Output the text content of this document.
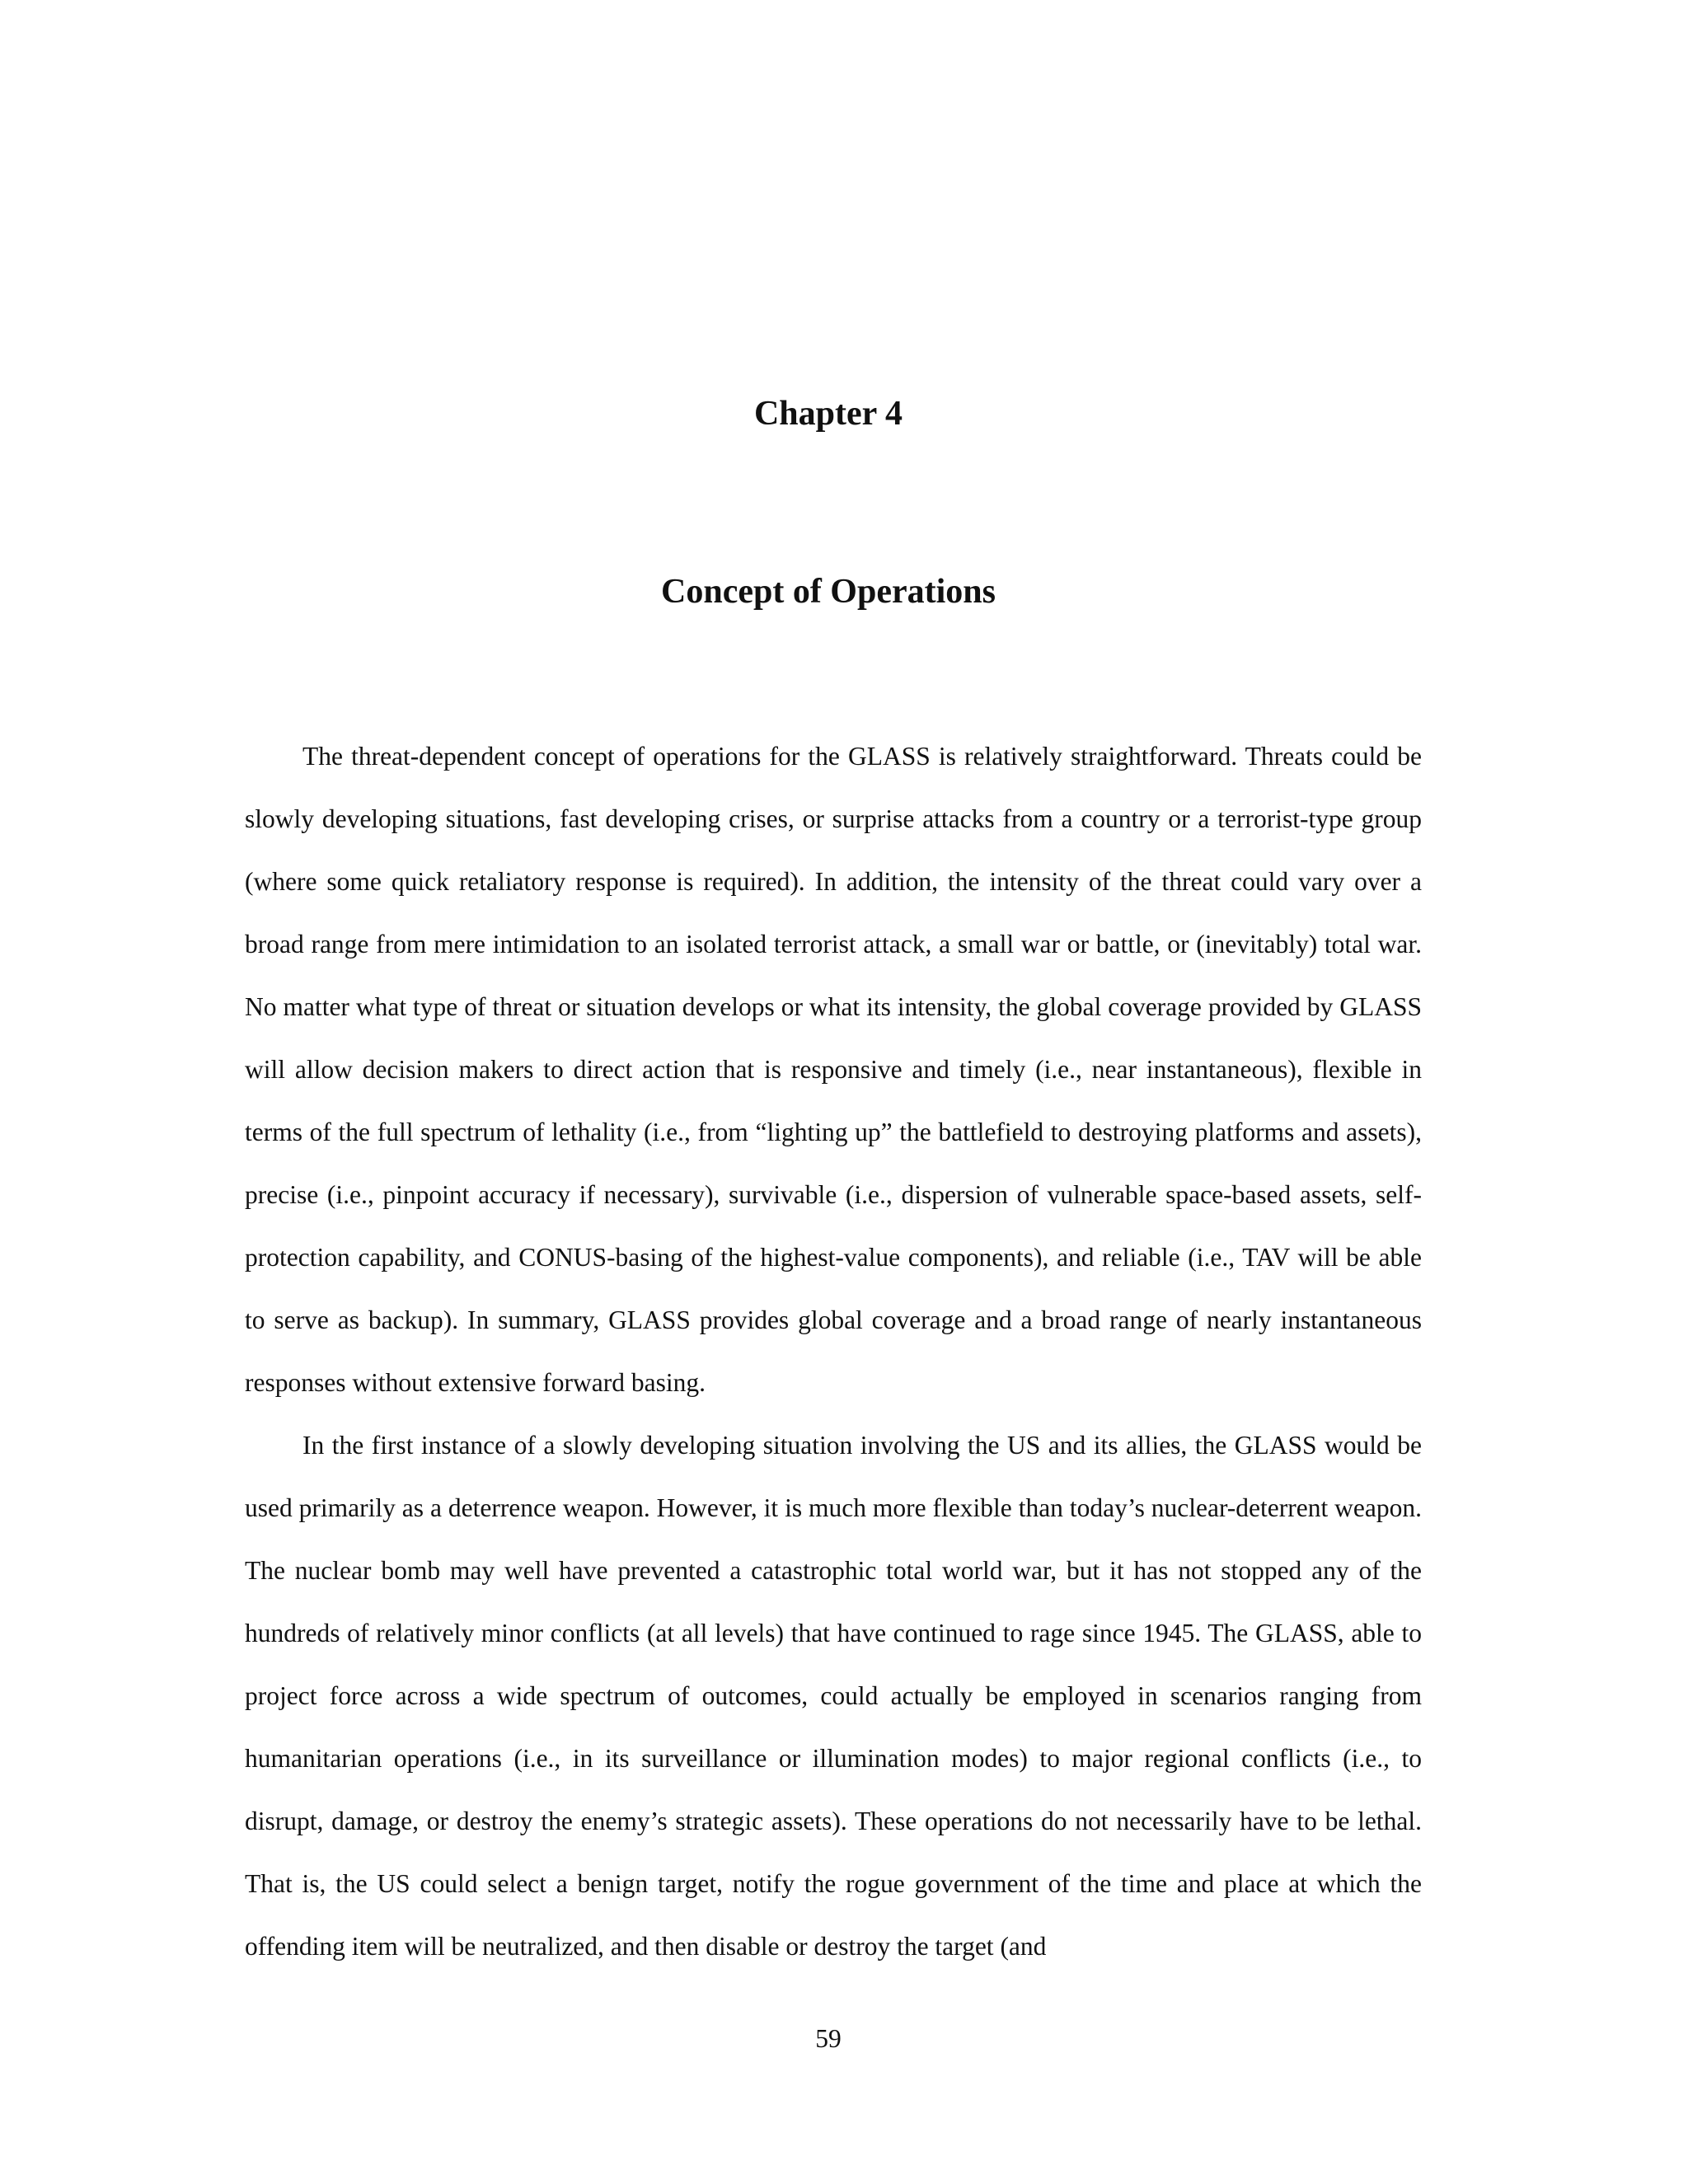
Chapter 4
Concept of Operations

The threat-dependent concept of operations for the GLASS is relatively straightforward. Threats could be slowly developing situations, fast developing crises, or surprise attacks from a country or a terrorist-type group (where some quick retaliatory response is required). In addition, the intensity of the threat could vary over a broad range from mere intimidation to an isolated terrorist attack, a small war or battle, or (inevitably) total war. No matter what type of threat or situation develops or what its intensity, the global coverage provided by GLASS will allow decision makers to direct action that is responsive and timely (i.e., near instantaneous), flexible in terms of the full spectrum of lethality (i.e., from “lighting up” the battlefield to destroying platforms and assets), precise (i.e., pinpoint accuracy if necessary), survivable (i.e., dispersion of vulnerable space-based assets, self-protection capability, and CONUS-basing of the highest-value components), and reliable (i.e., TAV will be able to serve as backup). In summary, GLASS provides global coverage and a broad range of nearly instantaneous responses without extensive forward basing.

In the first instance of a slowly developing situation involving the US and its allies, the GLASS would be used primarily as a deterrence weapon. However, it is much more flexible than today’s nuclear-deterrent weapon. The nuclear bomb may well have prevented a catastrophic total world war, but it has not stopped any of the hundreds of relatively minor conflicts (at all levels) that have continued to rage since 1945. The GLASS, able to project force across a wide spectrum of outcomes, could actually be employed in scenarios ranging from humanitarian operations (i.e., in its surveillance or illumination modes) to major regional conflicts (i.e., to disrupt, damage, or destroy the enemy’s strategic assets). These operations do not necessarily have to be lethal. That is, the US could select a benign target, notify the rogue government of the time and place at which the offending item will be neutralized, and then disable or destroy the target (and

59
